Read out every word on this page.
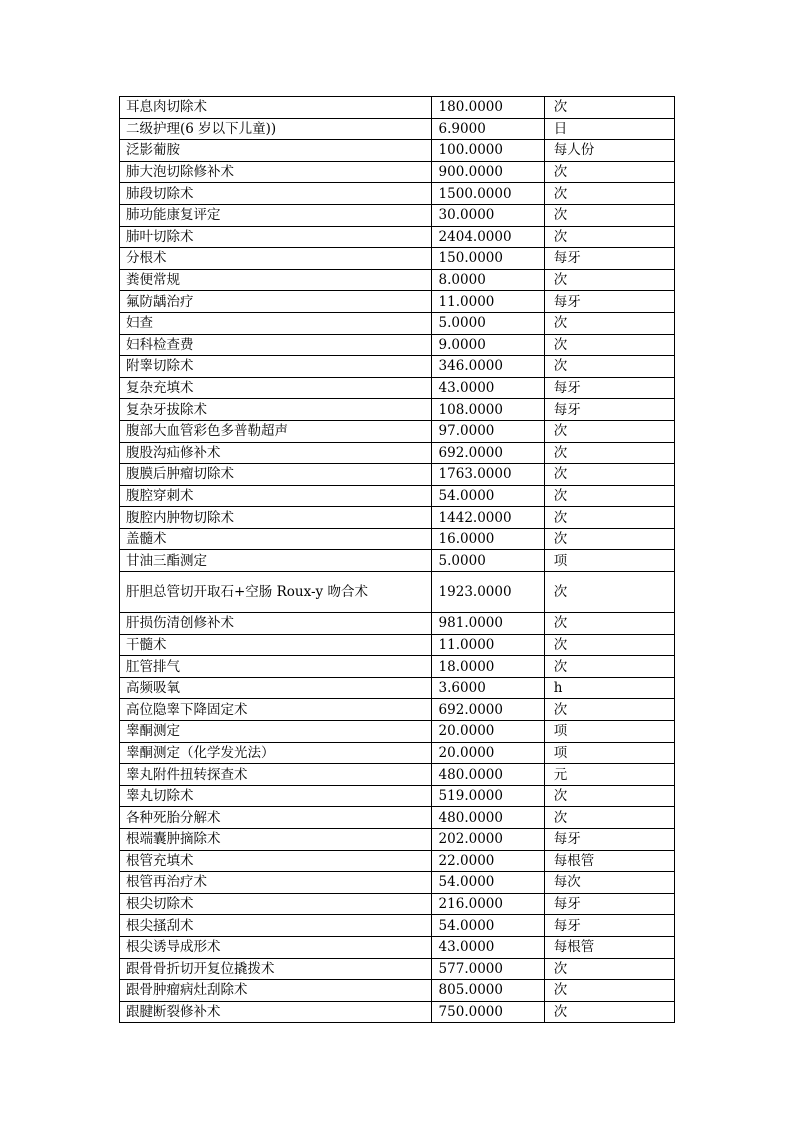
耳息肉切除术	180.0000	次
二级护理(6 岁以下儿童))	6.9000	日
泛影葡胺	100.0000	每人份
肺大泡切除修补术	900.0000	次
肺段切除术	1500.0000	次
肺功能康复评定	30.0000	次
肺叶切除术	2404.0000	次
分根术	150.0000	每牙
粪便常规	8.0000	次
氟防龋治疗	11.0000	每牙
妇查	5.0000	次
妇科检查费	9.0000	次
附睾切除术	346.0000	次
复杂充填术	43.0000	每牙
复杂牙拔除术	108.0000	每牙
腹部大血管彩色多普勒超声	97.0000	次
腹股沟疝修补术	692.0000	次
腹膜后肿瘤切除术	1763.0000	次
腹腔穿刺术	54.0000	次
腹腔内肿物切除术	1442.0000	次
盖髓术	16.0000	次
甘油三酯测定	5.0000	项
肝胆总管切开取石+空肠 Roux-y 吻合术	1923.0000	次
肝损伤清创修补术	981.0000	次
干髓术	11.0000	次
肛管排气	18.0000	次
高频吸氧	3.6000	h
高位隐睾下降固定术	692.0000	次
睾酮测定	20.0000	项
睾酮测定（化学发光法）	20.0000	项
睾丸附件扭转探查术	480.0000	元
睾丸切除术	519.0000	次
各种死胎分解术	480.0000	次
根端囊肿摘除术	202.0000	每牙
根管充填术	22.0000	每根管
根管再治疗术	54.0000	每次
根尖切除术	216.0000	每牙
根尖搔刮术	54.0000	每牙
根尖诱导成形术	43.0000	每根管
跟骨骨折切开复位撬拨术	577.0000	次
跟骨肿瘤病灶刮除术	805.0000	次
跟腱断裂修补术	750.0000	次
